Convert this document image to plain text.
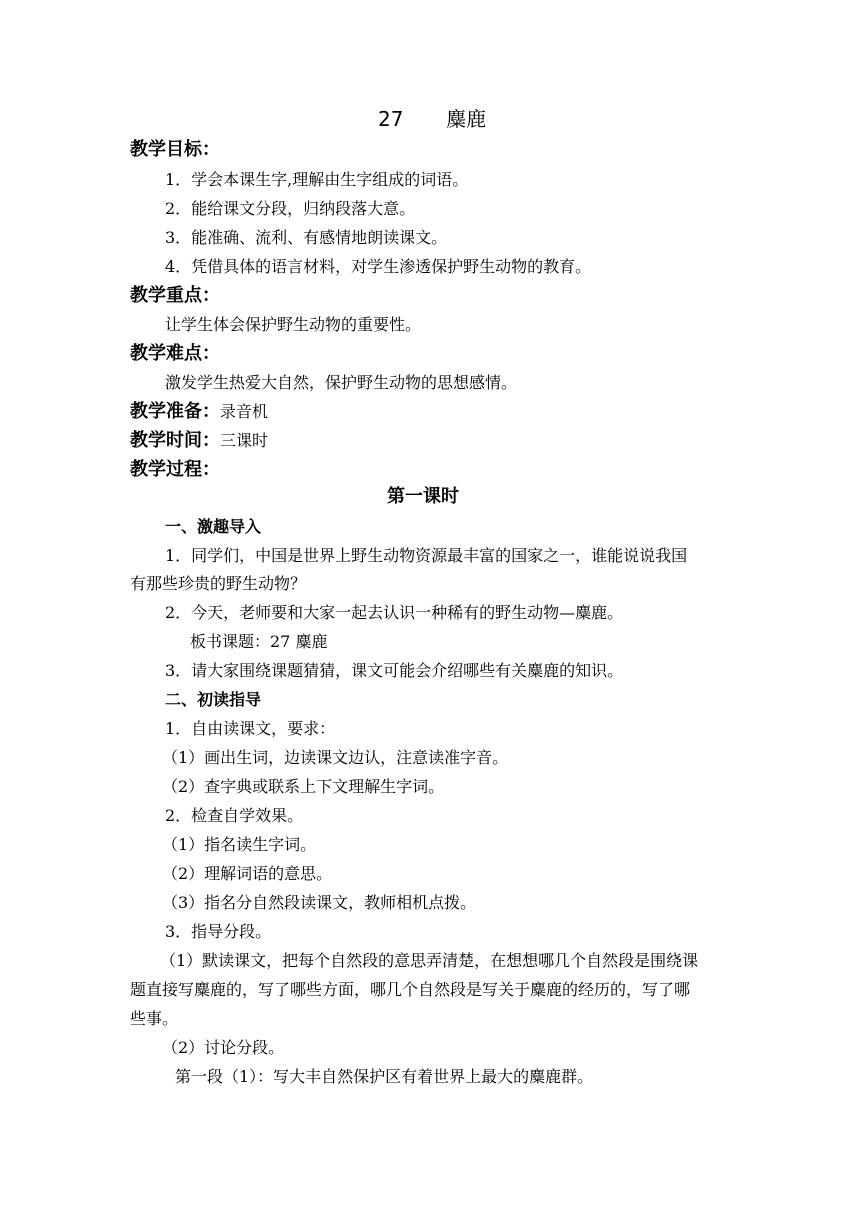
27 麋鹿
教学目标：
1．学会本课生字,理解由生字组成的词语。
2．能给课文分段，归纳段落大意。
3．能准确、流利、有感情地朗读课文。
4．凭借具体的语言材料，对学生渗透保护野生动物的教育。
教学重点：
让学生体会保护野生动物的重要性。
教学难点：
激发学生热爱大自然，保护野生动物的思想感情。
教学准备：录音机
教学时间：三课时
教学过程：
第一课时
一、激趣导入
1．同学们，中国是世界上野生动物资源最丰富的国家之一，谁能说说我国
有那些珍贵的野生动物？
2．今天，老师要和大家一起去认识一种稀有的野生动物—麋鹿。
板书课题：27 麋鹿
3．请大家围绕课题猜猜，课文可能会介绍哪些有关麋鹿的知识。
二、初读指导
1．自由读课文，要求：
（1）画出生词，边读课文边认，注意读准字音。
（2）查字典或联系上下文理解生字词。
2．检查自学效果。
（1）指名读生字词。
（2）理解词语的意思。
（3）指名分自然段读课文，教师相机点拨。
3．指导分段。
（1）默读课文，把每个自然段的意思弄清楚，在想想哪几个自然段是围绕课
题直接写麋鹿的，写了哪些方面，哪几个自然段是写关于麋鹿的经历的，写了哪
些事。
（2）讨论分段。
第一段（1）：写大丰自然保护区有着世界上最大的麋鹿群。
